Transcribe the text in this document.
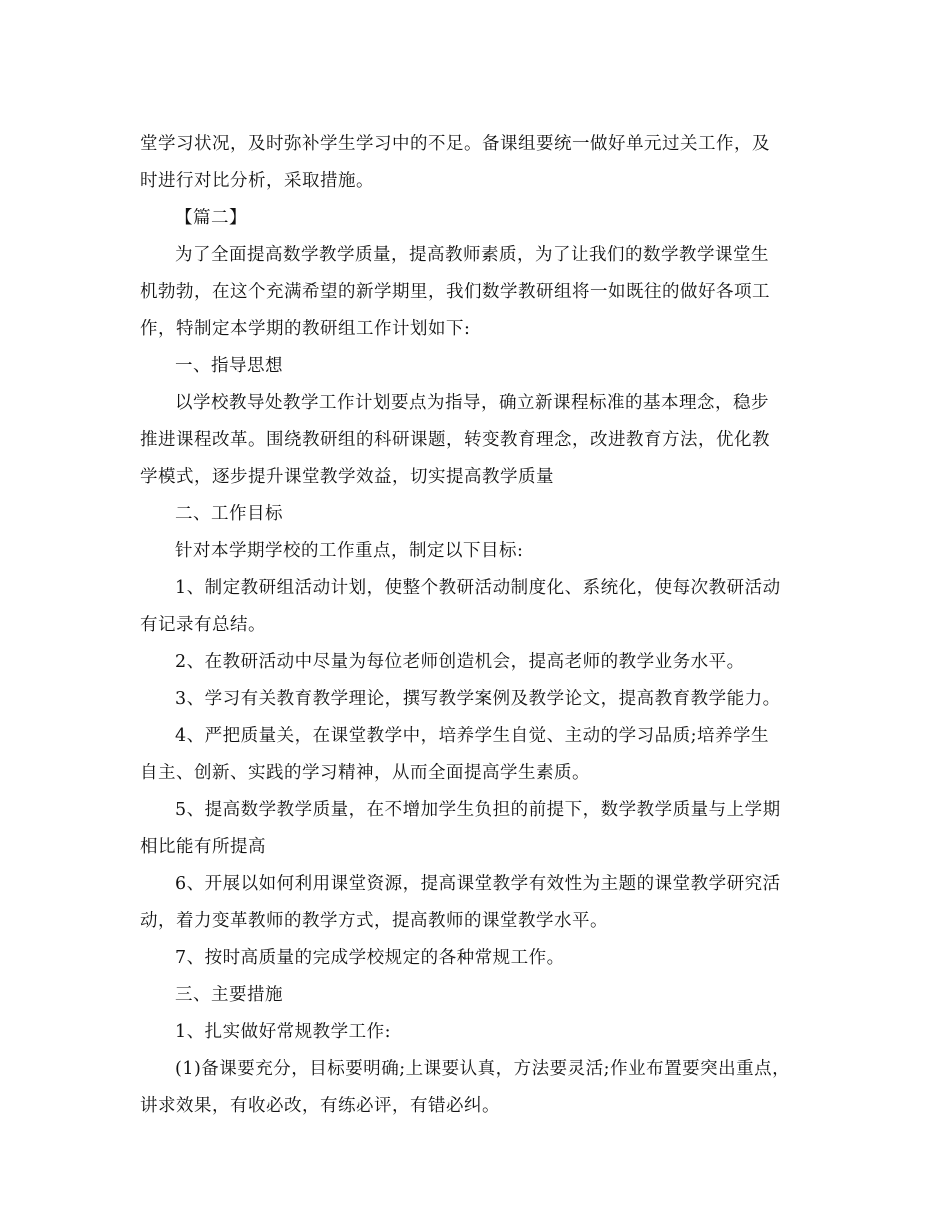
堂学习状况，及时弥补学生学习中的不足。备课组要统一做好单元过关工作，及
时进行对比分析，采取措施。
【篇二】
为了全面提高数学教学质量，提高教师素质，为了让我们的数学教学课堂生
机勃勃，在这个充满希望的新学期里，我们数学教研组将一如既往的做好各项工
作，特制定本学期的教研组工作计划如下:
一、指导思想
以学校教导处教学工作计划要点为指导，确立新课程标准的基本理念，稳步
推进课程改革。围绕教研组的科研课题，转变教育理念，改进教育方法，优化教
学模式，逐步提升课堂教学效益，切实提高教学质量
二、工作目标
针对本学期学校的工作重点，制定以下目标:
1、制定教研组活动计划，使整个教研活动制度化、系统化，使每次教研活动
有记录有总结。
2、在教研活动中尽量为每位老师创造机会，提高老师的教学业务水平。
3、学习有关教育教学理论，撰写教学案例及教学论文，提高教育教学能力。
4、严把质量关，在课堂教学中，培养学生自觉、主动的学习品质;培养学生
自主、创新、实践的学习精神，从而全面提高学生素质。
5、提高数学教学质量，在不增加学生负担的前提下，数学教学质量与上学期
相比能有所提高
6、开展以如何利用课堂资源，提高课堂教学有效性为主题的课堂教学研究活
动，着力变革教师的教学方式，提高教师的课堂教学水平。
7、按时高质量的完成学校规定的各种常规工作。
三、主要措施
1、扎实做好常规教学工作:
(1)备课要充分，目标要明确;上课要认真，方法要灵活;作业布置要突出重点，
讲求效果，有收必改，有练必评，有错必纠。
